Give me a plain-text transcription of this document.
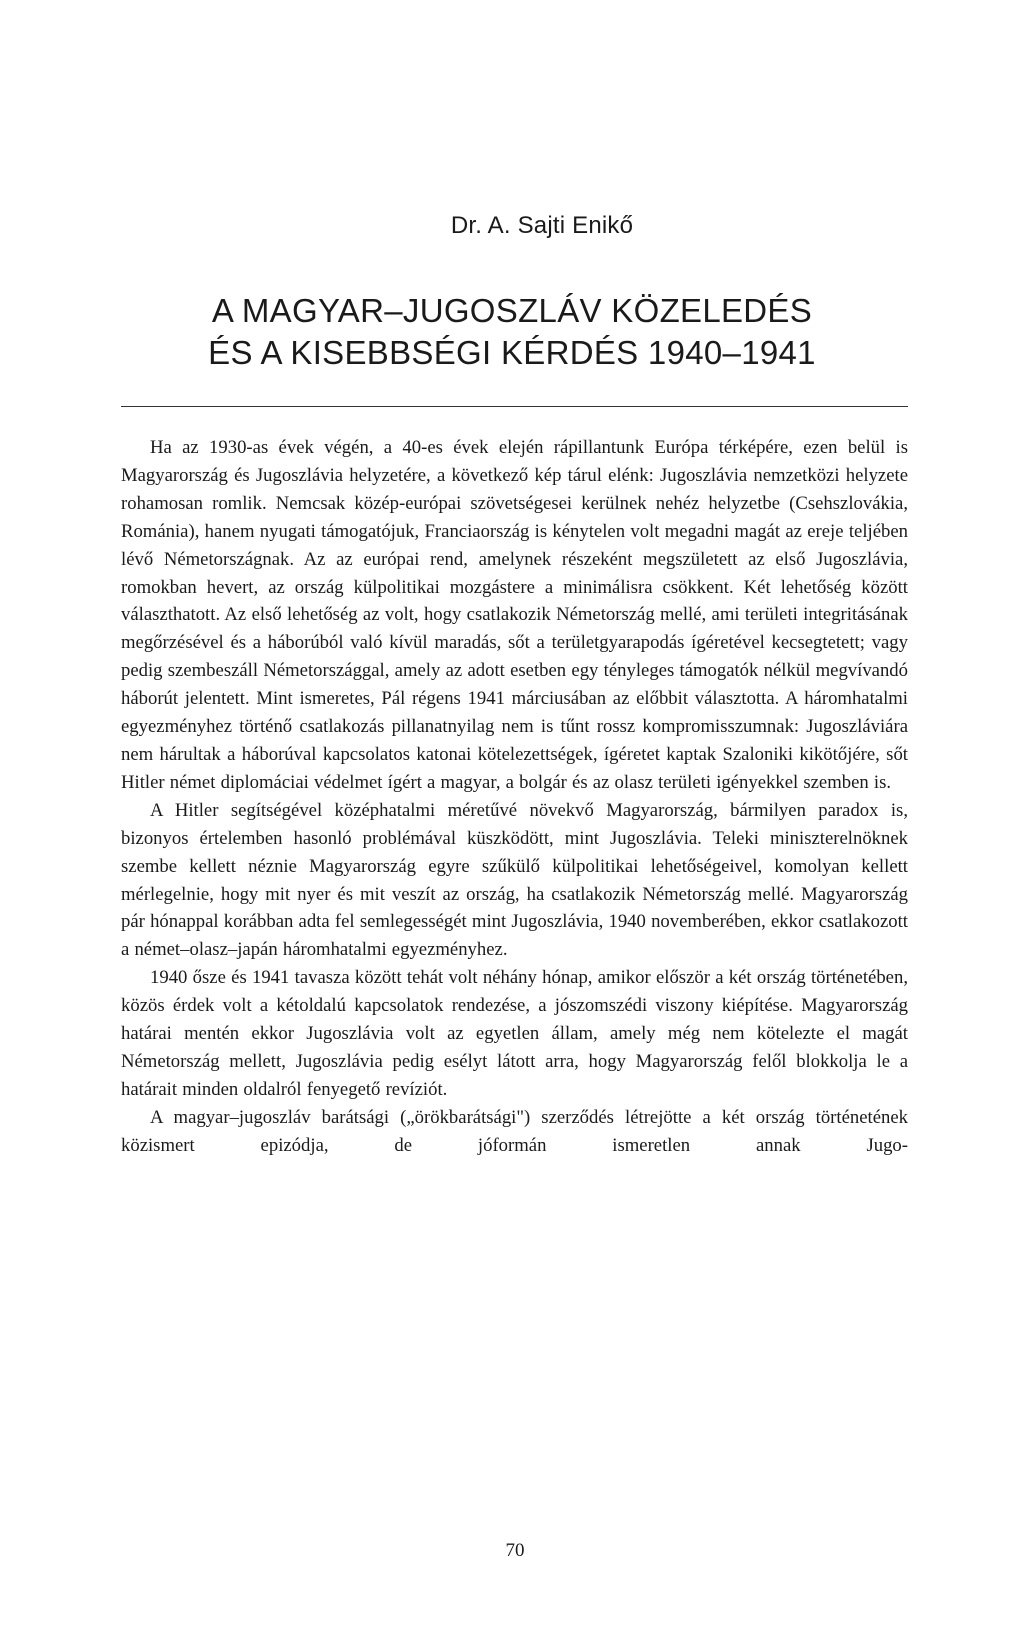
Dr. A. Sajti Enikő

A MAGYAR–JUGOSZLÁV KÖZELEDÉS
ÉS A KISEBBSÉGI KÉRDÉS 1940–1941

Ha az 1930-as évek végén, a 40-es évek elején rápillantunk Európa térképére, ezen belül is Magyarország és Jugoszlávia helyzetére, a következő kép tárul elénk: Jugoszlávia nemzetközi helyzete rohamosan romlik. Nemcsak közép-európai szövetségesei kerülnek nehéz helyzetbe (Csehszlovákia, Románia), hanem nyugati támogatójuk, Franciaország is kénytelen volt megadni magát az ereje teljében lévő Németországnak. Az az európai rend, amelynek részeként megszületett az első Jugoszlávia, romokban hevert, az ország külpolitikai mozgástere a minimálisra csökkent. Két lehetőség között választhatott. Az első lehetőség az volt, hogy csatlakozik Németország mellé, ami területi integritásának megőrzésével és a háborúból való kívül maradás, sőt a területgyarapodás ígéretével kecsegtetett; vagy pedig szembeszáll Németországgal, amely az adott esetben egy tényleges támogatók nélkül megvívandó háborút jelentett. Mint ismeretes, Pál régens 1941 márciusában az előbbit választotta. A háromhatalmi egyezményhez történő csatlakozás pillanatnyilag nem is tűnt rossz kompromisszumnak: Jugoszláviára nem hárultak a háborúval kapcsolatos katonai kötelezettségek, ígéretet kaptak Szaloniki kikötőjére, sőt Hitler német diplomáciai védelmet ígért a magyar, a bolgár és az olasz területi igényekkel szemben is.

A Hitler segítségével középhatalmi méretűvé növekvő Magyarország, bármilyen paradox is, bizonyos értelemben hasonló problémával küszködött, mint Jugoszlávia. Teleki miniszterelnöknek szembe kellett néznie Magyarország egyre szűkülő külpolitikai lehetőségeivel, komolyan kellett mérlegelnie, hogy mit nyer és mit veszít az ország, ha csatlakozik Németország mellé. Magyarország pár hónappal korábban adta fel semlegességét mint Jugoszlávia, 1940 novemberében, ekkor csatlakozott a német–olasz–japán háromhatalmi egyezményhez.

1940 ősze és 1941 tavasza között tehát volt néhány hónap, amikor először a két ország történetében, közös érdek volt a kétoldalú kapcsolatok rendezése, a jószomszédi viszony kiépítése. Magyarország határai mentén ekkor Jugoszlávia volt az egyetlen állam, amely még nem kötelezte el magát Németország mellett, Jugoszlávia pedig esélyt látott arra, hogy Magyarország felől blokkolja le a határait minden oldalról fenyegető revíziót.

A magyar–jugoszláv barátsági („örökbarátsági") szerződés létrejötte a két ország történetének közismert epizódja, de jóformán ismeretlen annak Jugo-

70
